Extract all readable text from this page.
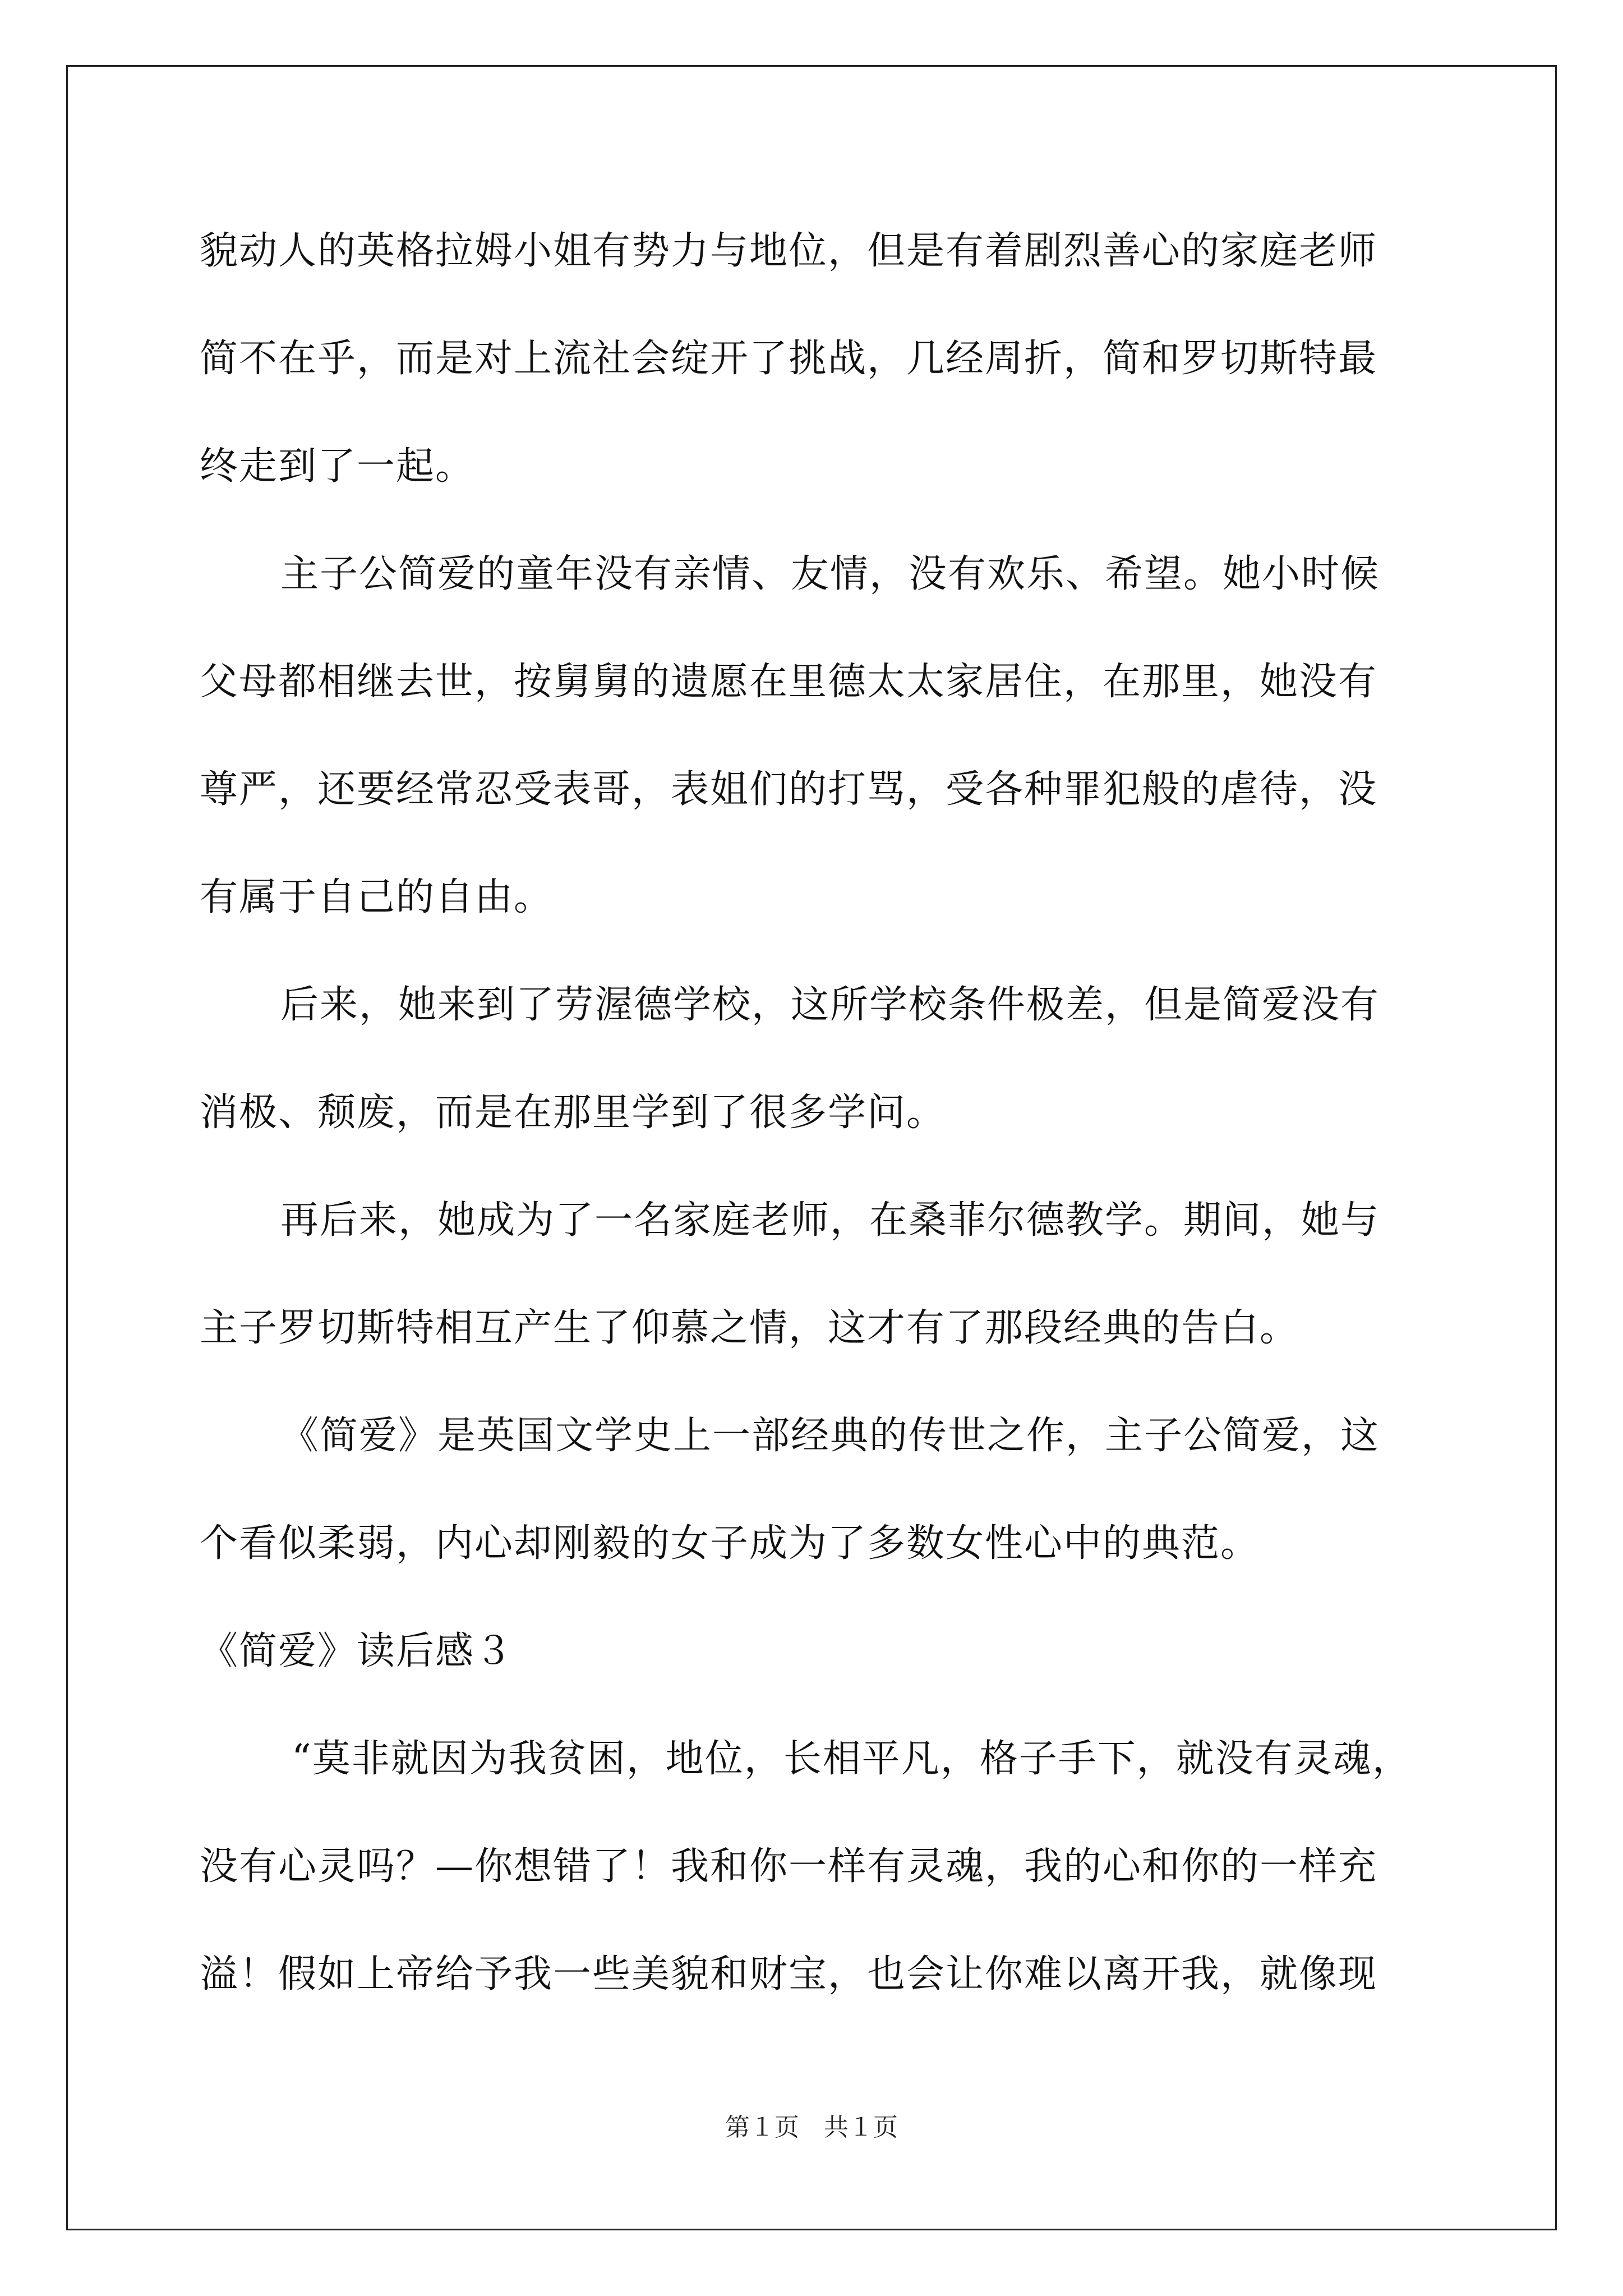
貌动人的英格拉姆小姐有势力与地位，但是有着剧烈善心的家庭老师
简不在乎，而是对上流社会绽开了挑战，几经周折，简和罗切斯特最
终走到了一起。
主子公简爱的童年没有亲情、友情，没有欢乐、希望。她小时候
父母都相继去世，按舅舅的遗愿在里德太太家居住，在那里，她没有
尊严，还要经常忍受表哥，表姐们的打骂，受各种罪犯般的虐待，没
有属于自己的自由。
后来，她来到了劳渥德学校，这所学校条件极差，但是简爱没有
消极、颓废，而是在那里学到了很多学问。
再后来，她成为了一名家庭老师，在桑菲尔德教学。期间，她与
主子罗切斯特相互产生了仰慕之情，这才有了那段经典的告白。
《简爱》是英国文学史上一部经典的传世之作，主子公简爱，这
个看似柔弱，内心却刚毅的女子成为了多数女性心中的典范。
《简爱》读后感３
“莫非就因为我贫困，地位，长相平凡，格子手下，就没有灵魂，
没有心灵吗？—你想错了！我和你一样有灵魂，我的心和你的一样充
溢！假如上帝给予我一些美貌和财宝，也会让你难以离开我，就像现
第１页　共１页
